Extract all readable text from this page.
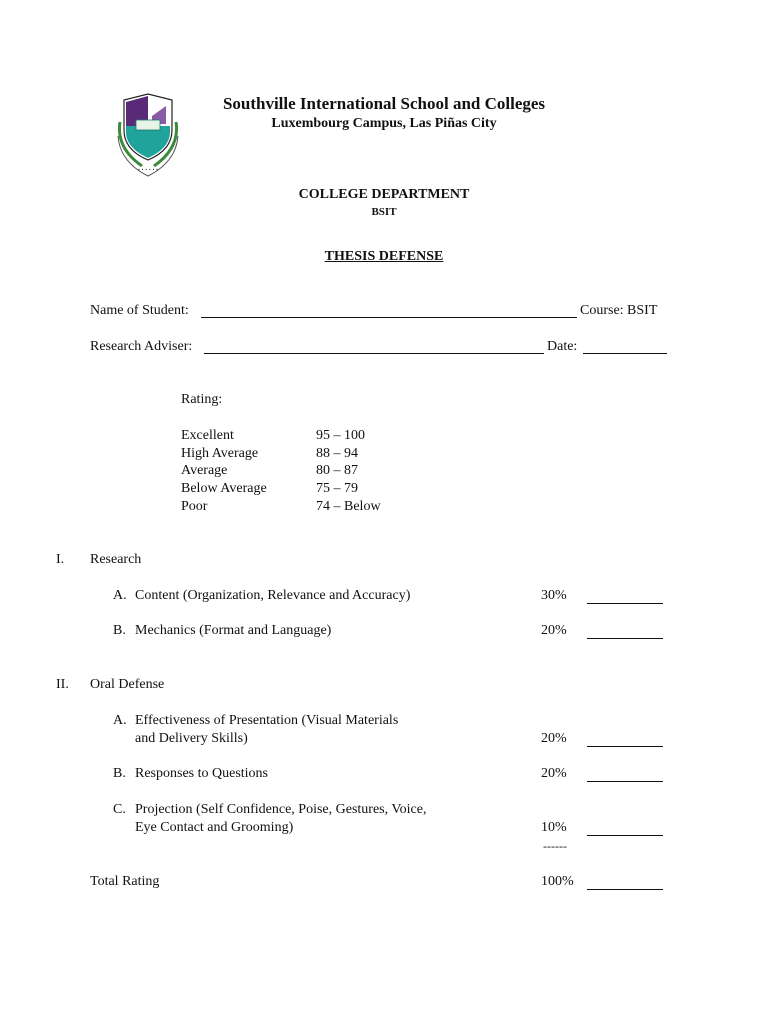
• • • • • •
Southville International School and Colleges
Luxembourg Campus, Las Piñas City
COLLEGE DEPARTMENT
BSIT
THESIS DEFENSE
Name of Student:	Course: BSIT
Research Adviser:	Date:
Rating:
Excellent	95 – 100
High Average	88 – 94
Average	80 – 87
Below Average	75 – 79
Poor	74 – Below
I. Research
A. Content (Organization, Relevance and Accuracy)	30%
B. Mechanics (Format and Language)	20%
II. Oral Defense
A. Effectiveness of Presentation (Visual Materials
and Delivery Skills)	20%
B. Responses to Questions	20%
C. Projection (Self Confidence, Poise, Gestures, Voice,
Eye Contact and Grooming)	10%
------
Total Rating	100%
